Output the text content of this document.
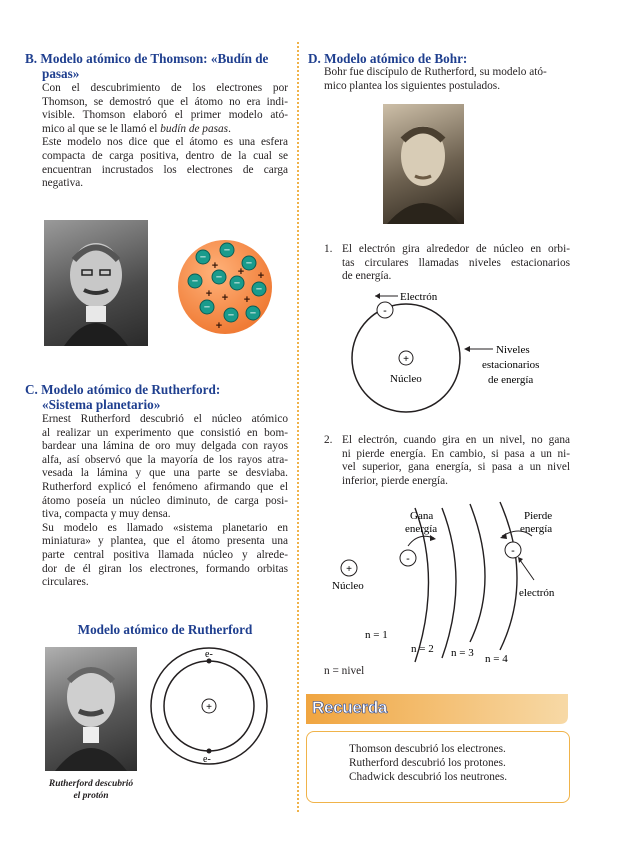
B. Modelo atómico de Thomson: «Budín de
pasas»
Con el descubrimiento de los electrones por
Thomson, se demostró que el átomo no era indi-
visible. Thomson elaboró el primer modelo ató-
mico al que se le llamó el budín de pasas.
Este modelo nos dice que el átomo es una esfera
compacta de carga positiva, dentro de la cual se
encuentran incrustados los electrones de carga
negativa.
−
−
−
−	− −
−
− −
−
+ +
+ + +
+
+
C. Modelo atómico de Rutherford:
«Sistema planetario»
Ernest Rutherford descubrió el núcleo atómico
al realizar un experimento que consistió en bom-
bardear una lámina de oro muy delgada con rayos
alfa, así observó que la mayoría de los rayos atra-
vesada la lámina y que una parte se desviaba.
Rutherford explicó el fenómeno afirmando que el
átomo poseía un núcleo diminuto, de carga posi-
tiva, compacta y muy densa.
Su modelo es llamado «sistema planetario en
miniatura» y plantea, que el átomo presenta una
parte central positiva llamada núcleo y alrede-
dor de él giran los electrones, formando orbitas
circulares.
Modelo atómico de Rutherford
Rutherford descubrió
el protón
+
e-
e-
D. Modelo atómico de Bohr:
Bohr fue discípulo de Rutherford, su modelo ató-
mico plantea los siguientes postulados.
1. El electrón gira alrededor de núcleo en orbi-
tas circulares llamadas niveles estacionarios
de energía.
+
Núcleo
-
Electrón
Niveles
estacionarios
de energía
2. El electrón, cuando gira en un nivel, no gana
ni pierde energía. En cambio, si pasa a un ni-
vel superior, gana energía, si pasa a un nivel
inferior, pierde energía.
+
Núcleo
-
-
Gana
energía
Pierde
energía
electrón
n = 1
n = 2 n = 3 n = 4
n = nivel
Recuerda
Thomson descubrió los electrones.
Rutherford descubrió los protones.
Chadwick descubrió los neutrones.
